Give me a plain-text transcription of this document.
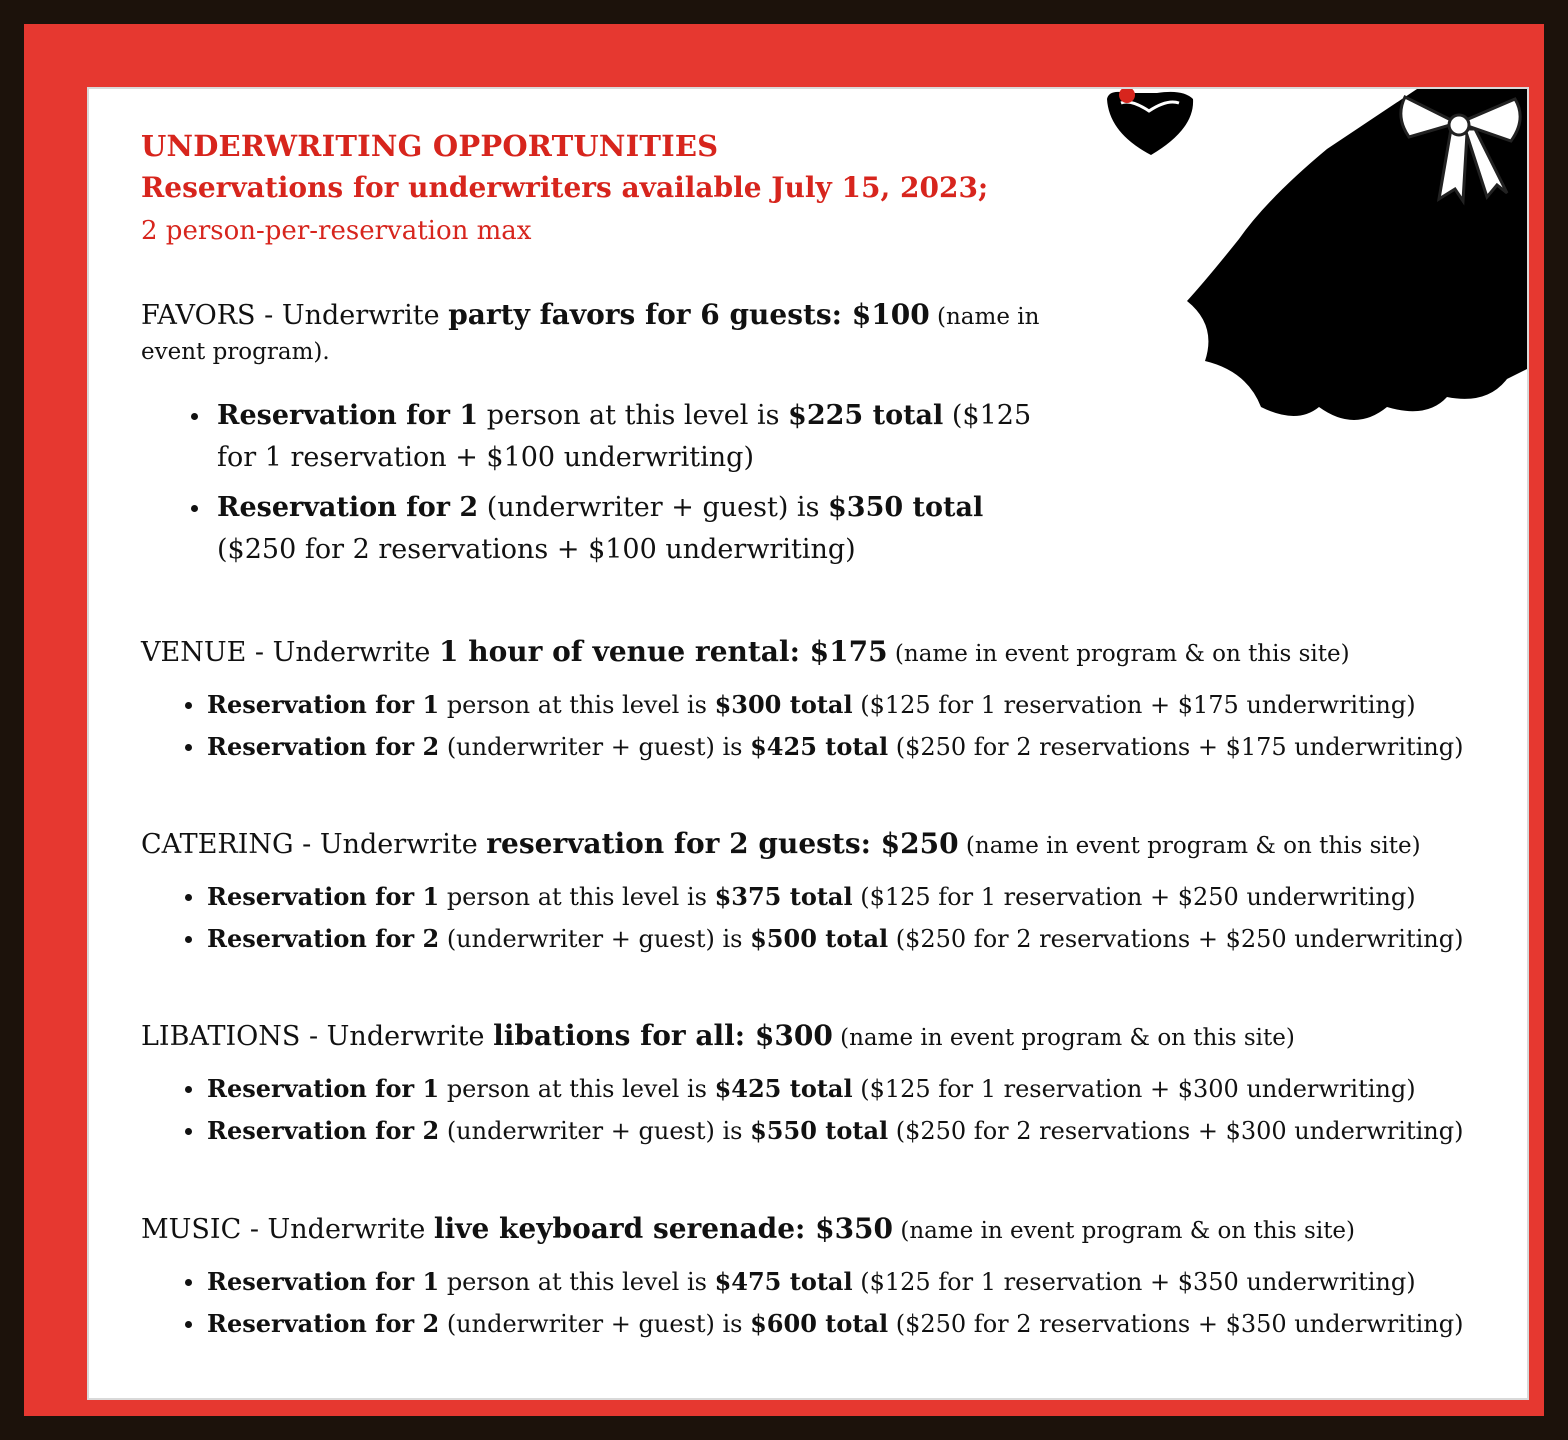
UNDERWRITING OPPORTUNITIES
Reservations for underwriters available July 15, 2023;
2 person-per-reservation max
FAVORS - Underwrite party favors for 6 guests: $100 (name in
event program).
Reservation for 1 person at this level is $225 total ($125
for 1 reservation + $100 underwriting)
Reservation for 2 (underwriter + guest) is $350 total
($250 for 2 reservations + $100 underwriting)
VENUE - Underwrite 1 hour of venue rental: $175 (name in event program & on this site)
Reservation for 1 person at this level is $300 total ($125 for 1 reservation + $175 underwriting)
Reservation for 2 (underwriter + guest) is $425 total ($250 for 2 reservations + $175 underwriting)
CATERING - Underwrite reservation for 2 guests: $250 (name in event program & on this site)
Reservation for 1 person at this level is $375 total ($125 for 1 reservation + $250 underwriting)
Reservation for 2 (underwriter + guest) is $500 total ($250 for 2 reservations + $250 underwriting)
LIBATIONS - Underwrite libations for all: $300 (name in event program & on this site)
Reservation for 1 person at this level is $425 total ($125 for 1 reservation + $300 underwriting)
Reservation for 2 (underwriter + guest) is $550 total ($250 for 2 reservations + $300 underwriting)
MUSIC - Underwrite live keyboard serenade: $350 (name in event program & on this site)
Reservation for 1 person at this level is $475 total ($125 for 1 reservation + $350 underwriting)
Reservation for 2 (underwriter + guest) is $600 total ($250 for 2 reservations + $350 underwriting)
